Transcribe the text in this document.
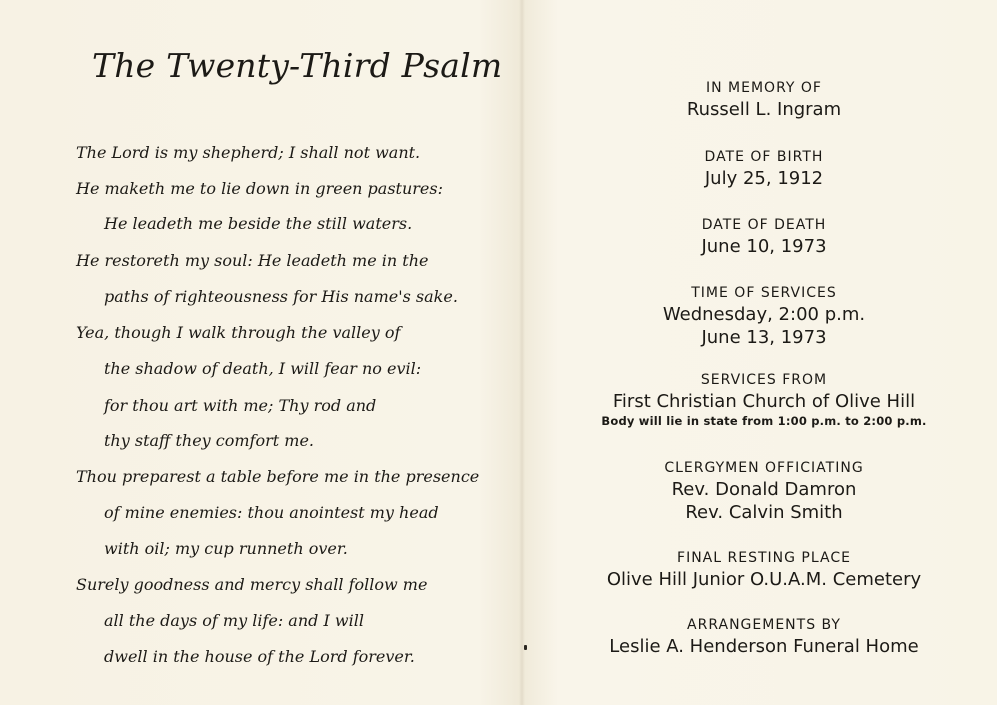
The Twenty-Third Psalm
The Lord is my shepherd; I shall not want.
He maketh me to lie down in green pastures:
He leadeth me beside the still waters.
He restoreth my soul: He leadeth me in the
paths of righteousness for His name's sake.
Yea, though I walk through the valley of
the shadow of death, I will fear no evil:
for thou art with me; Thy rod and
thy staff they comfort me.
Thou preparest a table before me in the presence
of mine enemies: thou anointest my head
with oil; my cup runneth over.
Surely goodness and mercy shall follow me
all the days of my life: and I will
dwell in the house of the Lord forever.
IN MEMORY OF
Russell L. Ingram
DATE OF BIRTH
July 25, 1912
DATE OF DEATH
June 10, 1973
TIME OF SERVICES
Wednesday, 2:00 p.m.
June 13, 1973
SERVICES FROM
First Christian Church of Olive Hill
Body will lie in state from 1:00 p.m. to 2:00 p.m.
CLERGYMEN OFFICIATING
Rev. Donald Damron
Rev. Calvin Smith
FINAL RESTING PLACE
Olive Hill Junior O.U.A.M. Cemetery
ARRANGEMENTS BY
Leslie A. Henderson Funeral Home
